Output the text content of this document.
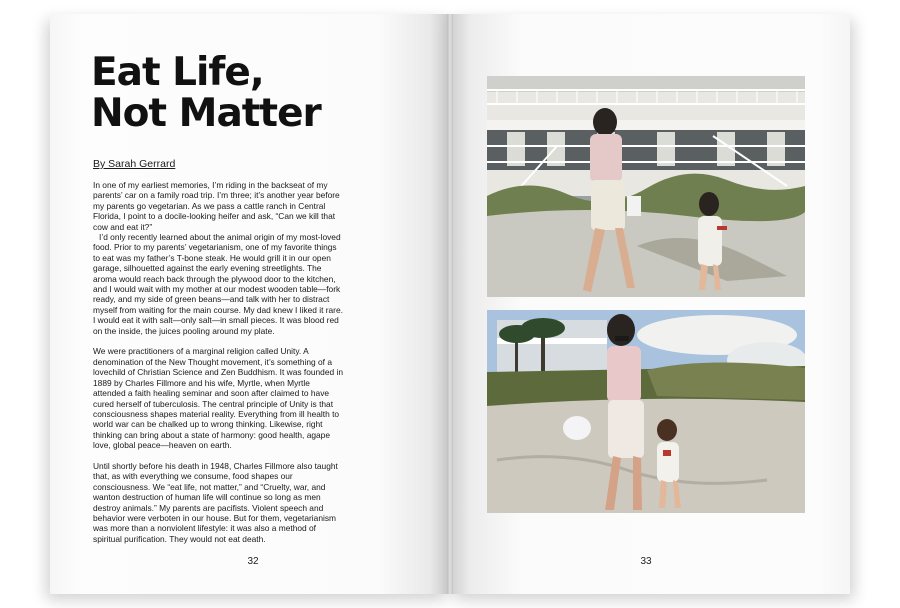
Eat Life,
Not Matter
By Sarah Gerrard

In one of my earliest memories, I’m riding in the backseat of my parents’ car on a family road trip. I’m three; it’s another year before my parents go vegetarian. As we pass a cattle ranch in Central Florida, I point to a docile-looking heifer and ask, “Can we kill that cow and eat it?”

I’d only recently learned about the animal origin of my most-loved food. Prior to my parents’ vegetarianism, one of my favorite things to eat was my father’s T-bone steak. He would grill it in our open garage, silhouetted against the early evening streetlights. The aroma would reach back through the plywood door to the kitchen, and I would wait with my mother at our modest wooden table—fork ready, and my side of green beans—and talk with her to distract myself from waiting for the main course. My dad knew I liked it rare. I would eat it with salt—only salt—in small pieces. It was blood red on the inside, the juices pooling around my plate.

We were practitioners of a marginal religion called Unity. A denomination of the New Thought movement, it’s something of a lovechild of Christian Science and Zen Buddhism. It was founded in 1889 by Charles Fillmore and his wife, Myrtle, when Myrtle attended a faith healing seminar and soon after claimed to have cured herself of tuberculosis. The central principle of Unity is that consciousness shapes material reality. Everything from ill health to world war can be chalked up to wrong thinking. Likewise, right thinking can bring about a state of harmony: good health, agape love, global peace—heaven on earth.

Until shortly before his death in 1948, Charles Fillmore also taught that, as with everything we consume, food shapes our consciousness. We “eat life, not matter,” and “Cruelty, war, and wanton destruction of human life will continue so long as men destroy animals.” My parents are pacifists. Violent speech and behavior were verboten in our house. But for them, vegetarianism was more than a nonviolent lifestyle: it was also a method of spiritual purification. They would not eat death.

32	33
